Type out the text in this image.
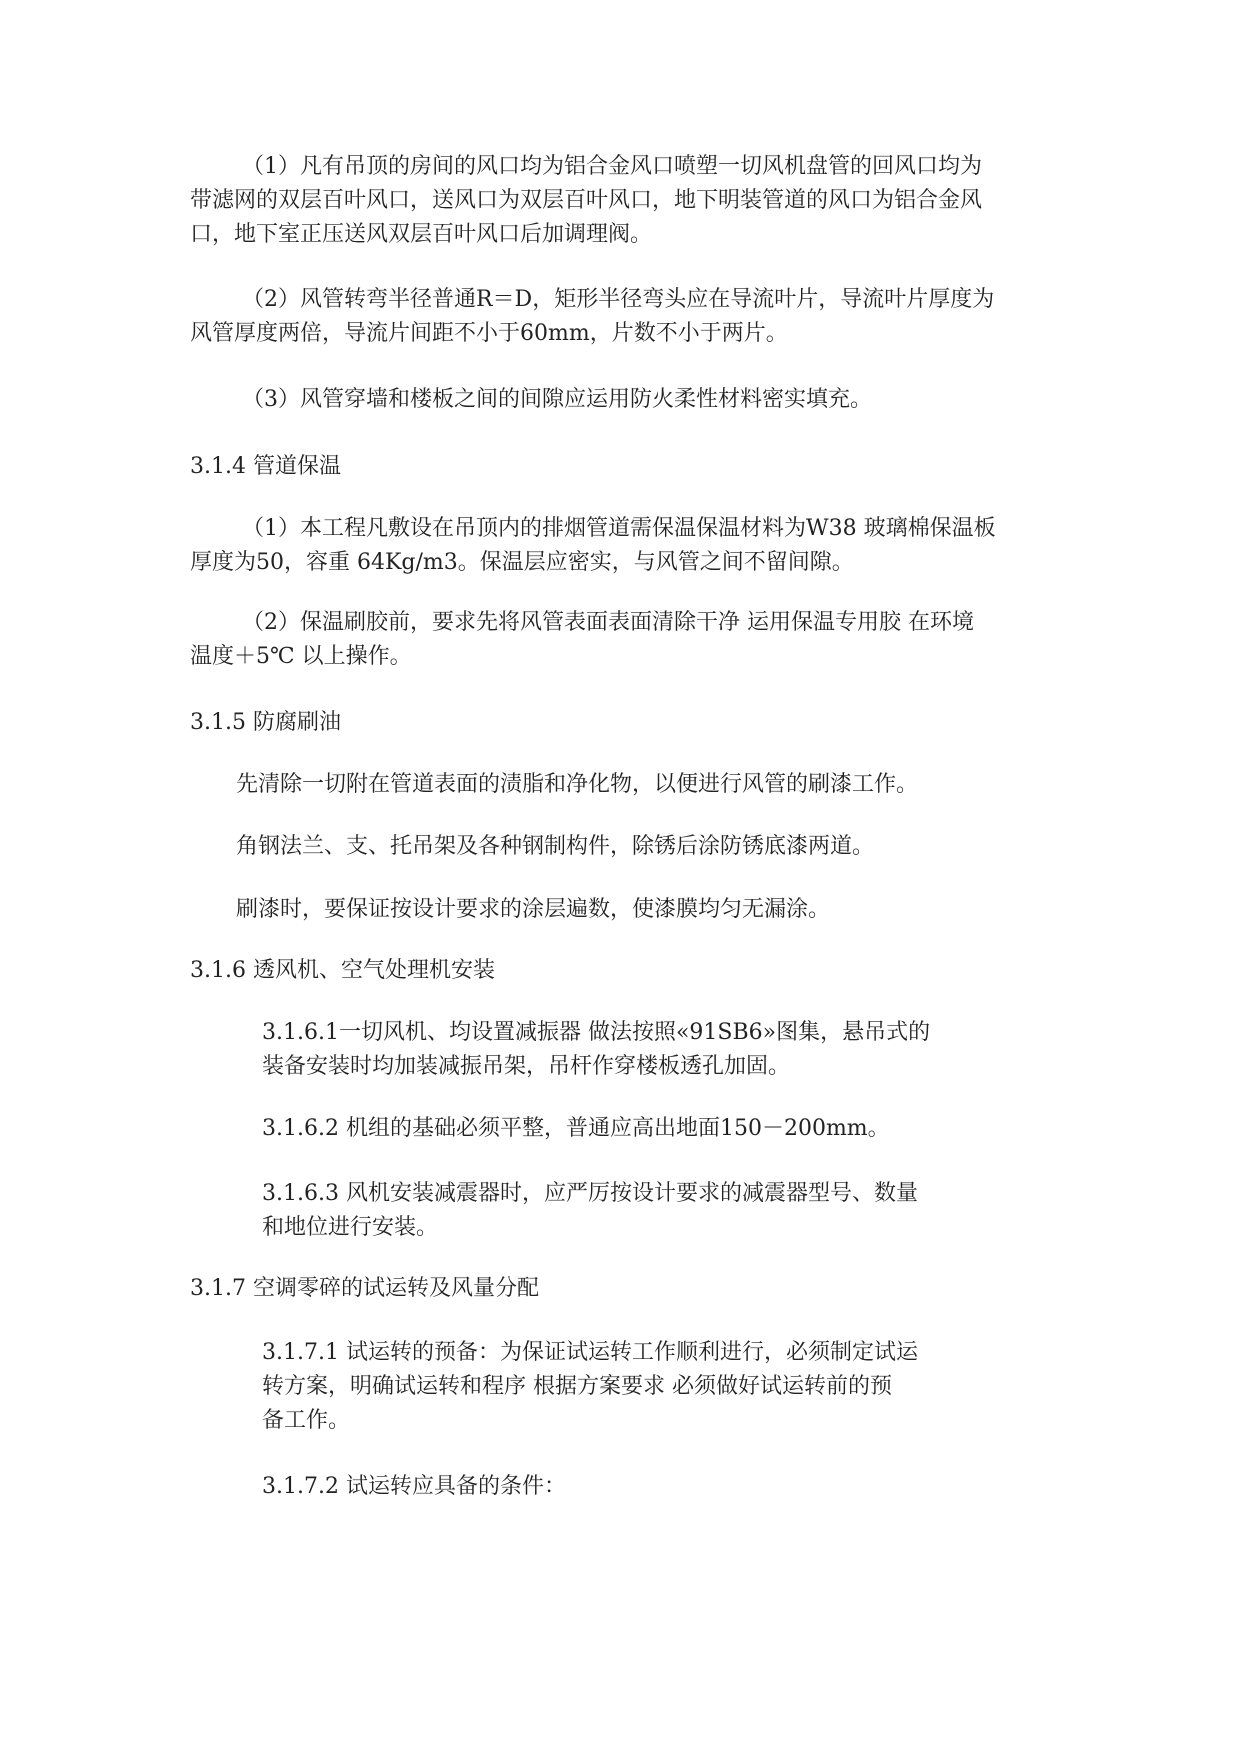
（1）凡有吊顶的房间的风口均为铝合金风口喷塑一切风机盘管的回风口均为
带滤网的双层百叶风口，送风口为双层百叶风口，地下明装管道的风口为铝合金风
口，地下室正压送风双层百叶风口后加调理阀。
（2）风管转弯半径普通R＝D，矩形半径弯头应在导流叶片，导流叶片厚度为
风管厚度两倍，导流片间距不小于60mm，片数不小于两片。
（3）风管穿墙和楼板之间的间隙应运用防火柔性材料密实填充。
3.1.4 管道保温
（1）本工程凡敷设在吊顶内的排烟管道需保温保温材料为W38 玻璃棉保温板
厚度为50，容重 64Kg/m3。保温层应密实，与风管之间不留间隙。
（2）保温刷胶前，要求先将风管表面表面清除干净 运用保温专用胶 在环境
温度＋5℃ 以上操作。
3.1.5 防腐刷油
先清除一切附在管道表面的渍脂和净化物，以便进行风管的刷漆工作。
角钢法兰、支、托吊架及各种钢制构件，除锈后涂防锈底漆两道。
刷漆时，要保证按设计要求的涂层遍数，使漆膜均匀无漏涂。
3.1.6 透风机、空气处理机安装
3.1.6.1一切风机、均设置减振器 做法按照«91SB6»图集，悬吊式的
装备安装时均加装减振吊架，吊杆作穿楼板透孔加固。
3.1.6.2 机组的基础必须平整，普通应高出地面150－200mm。
3.1.6.3 风机安装减震器时，应严厉按设计要求的减震器型号、数量
和地位进行安装。
3.1.7 空调零碎的试运转及风量分配
3.1.7.1 试运转的预备：为保证试运转工作顺利进行，必须制定试运
转方案，明确试运转和程序 根据方案要求 必须做好试运转前的预
备工作。
3.1.7.2 试运转应具备的条件：
